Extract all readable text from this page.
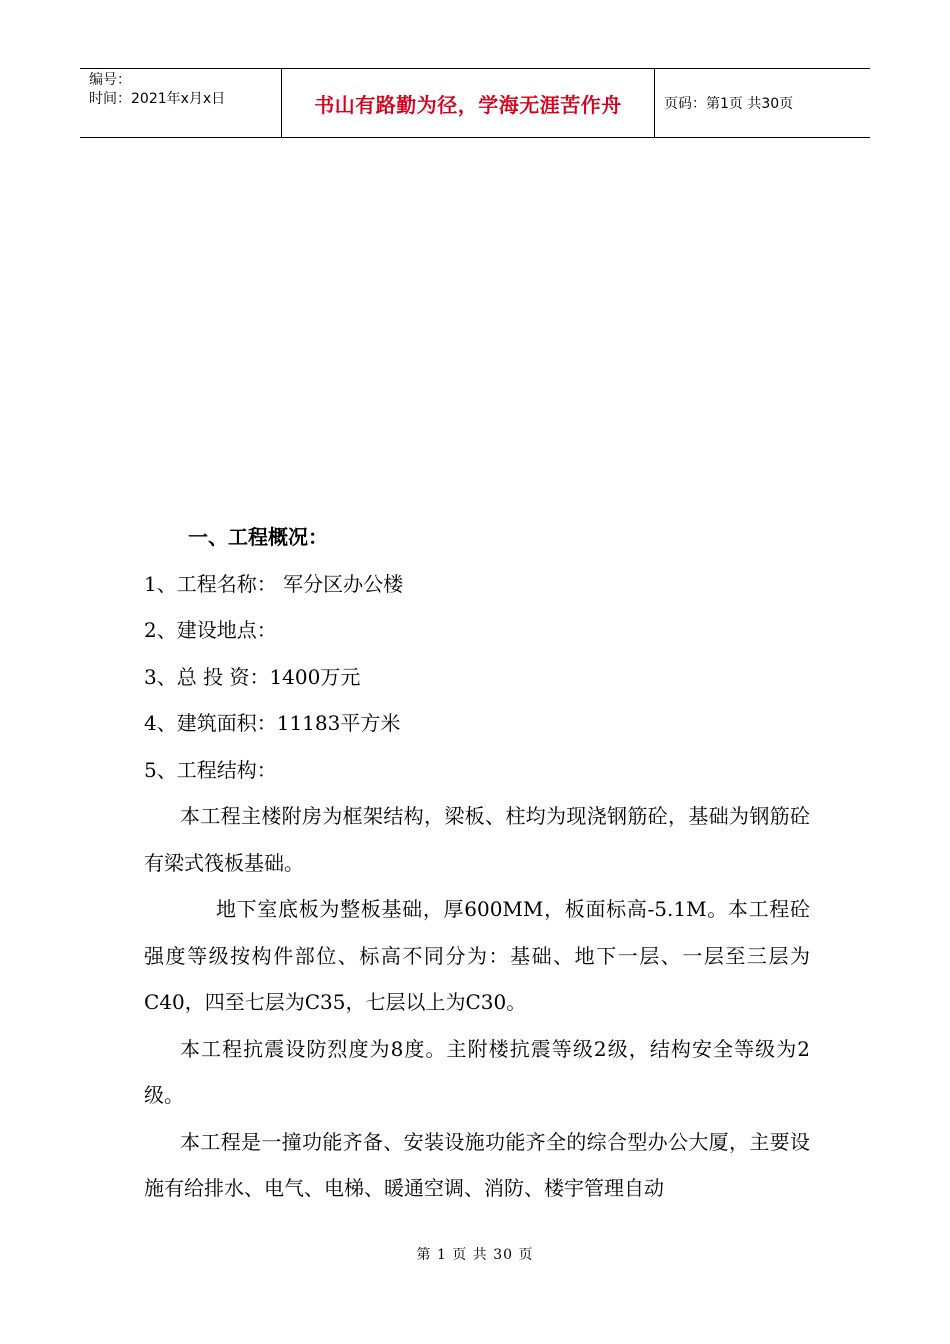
编号：
时间：2021年x月x日	书山有路勤为径，学海无涯苦作舟	页码：第1页 共30页
一、工程概况：
1、工程名称： 军分区办公楼
2、建设地点：
3、总 投 资：1400万元
4、建筑面积：11183平方米
5、工程结构：
本工程主楼附房为框架结构，梁板、柱均为现浇钢筋砼，基础为钢筋砼有梁式筏板基础。
地下室底板为整板基础，厚600MM，板面标高-5.1M。本工程砼强度等级按构件部位、标高不同分为：基础、地下一层、一层至三层为C40，四至七层为C35，七层以上为C30。
本工程抗震设防烈度为8度。主附楼抗震等级2级，结构安全等级为2级。
本工程是一撞功能齐备、安装设施功能齐全的综合型办公大厦，主要设施有给排水、电气、电梯、暖通空调、消防、楼宇管理自动
第 1 页 共 30 页
